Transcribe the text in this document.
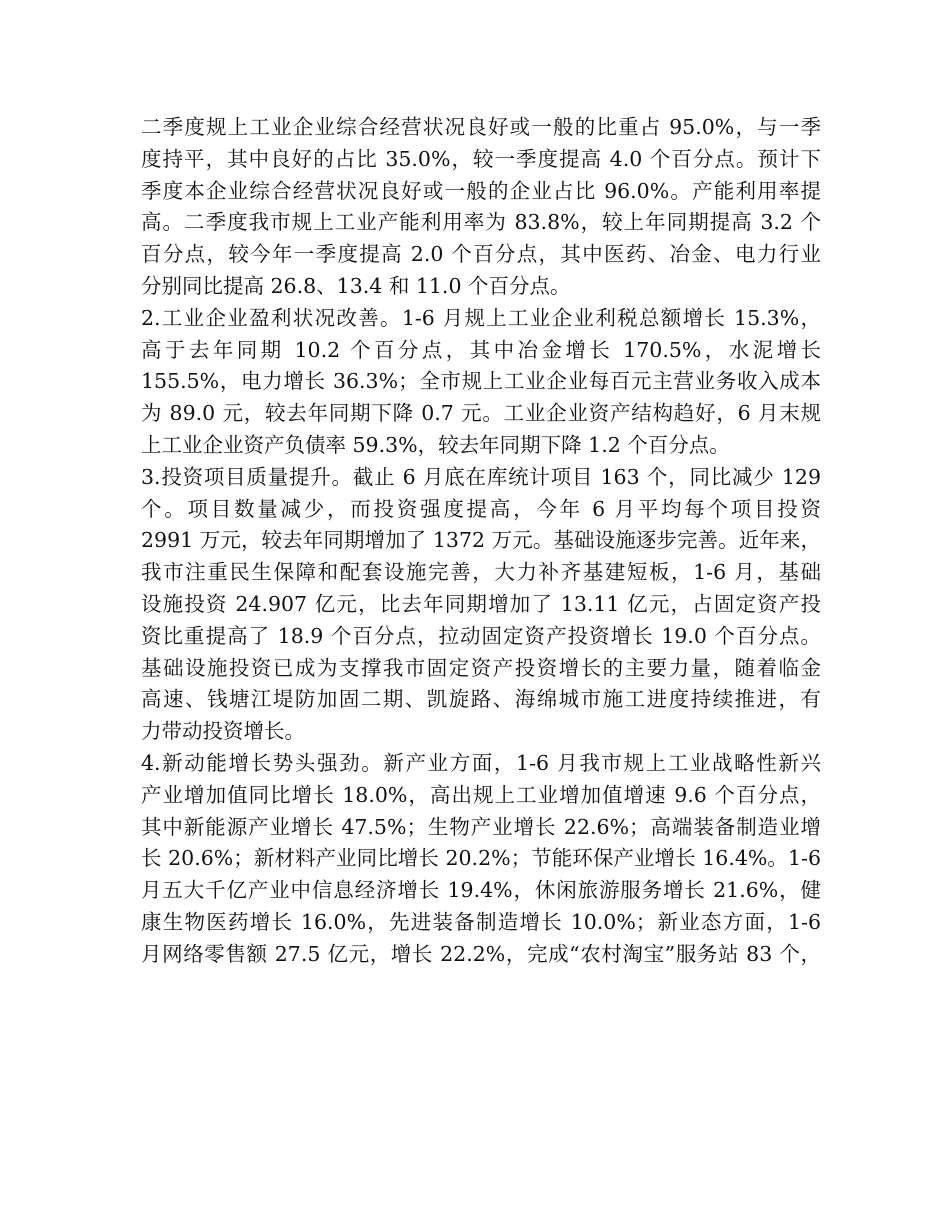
二季度规上工业企业综合经营状况良好或一般的比重占 95.0%，与一季
度持平，其中良好的占比 35.0%，较一季度提高 4.0 个百分点。预计下
季度本企业综合经营状况良好或一般的企业占比 96.0%。产能利用率提
高。二季度我市规上工业产能利用率为 83.8%，较上年同期提高 3.2 个
百分点，较今年一季度提高 2.0 个百分点，其中医药、冶金、电力行业
分别同比提高 26.8、13.4 和 11.0 个百分点。
2.工业企业盈利状况改善。1-6 月规上工业企业利税总额增长 15.3%，
高于去年同期 10.2 个百分点，其中冶金增长 170.5%，水泥增长
155.5%，电力增长 36.3%；全市规上工业企业每百元主营业务收入成本
为 89.0 元，较去年同期下降 0.7 元。工业企业资产结构趋好，6 月末规
上工业企业资产负债率 59.3%，较去年同期下降 1.2 个百分点。
3.投资项目质量提升。截止 6 月底在库统计项目 163 个，同比减少 129
个。项目数量减少，而投资强度提高，今年 6 月平均每个项目投资
2991 万元，较去年同期增加了 1372 万元。基础设施逐步完善。近年来，
我市注重民生保障和配套设施完善，大力补齐基建短板，1-6 月，基础
设施投资 24.907 亿元，比去年同期增加了 13.11 亿元，占固定资产投
资比重提高了 18.9 个百分点，拉动固定资产投资增长 19.0 个百分点。
基础设施投资已成为支撑我市固定资产投资增长的主要力量，随着临金
高速、钱塘江堤防加固二期、凯旋路、海绵城市施工进度持续推进，有
力带动投资增长。
4.新动能增长势头强劲。新产业方面，1-6 月我市规上工业战略性新兴
产业增加值同比增长 18.0%，高出规上工业增加值增速 9.6 个百分点，
其中新能源产业增长 47.5%；生物产业增长 22.6%；高端装备制造业增
长 20.6%；新材料产业同比增长 20.2%；节能环保产业增长 16.4%。1-6
月五大千亿产业中信息经济增长 19.4%，休闲旅游服务增长 21.6%，健
康生物医药增长 16.0%，先进装备制造增长 10.0%；新业态方面，1-6
月网络零售额 27.5 亿元，增长 22.2%，完成“农村淘宝”服务站 83 个，
